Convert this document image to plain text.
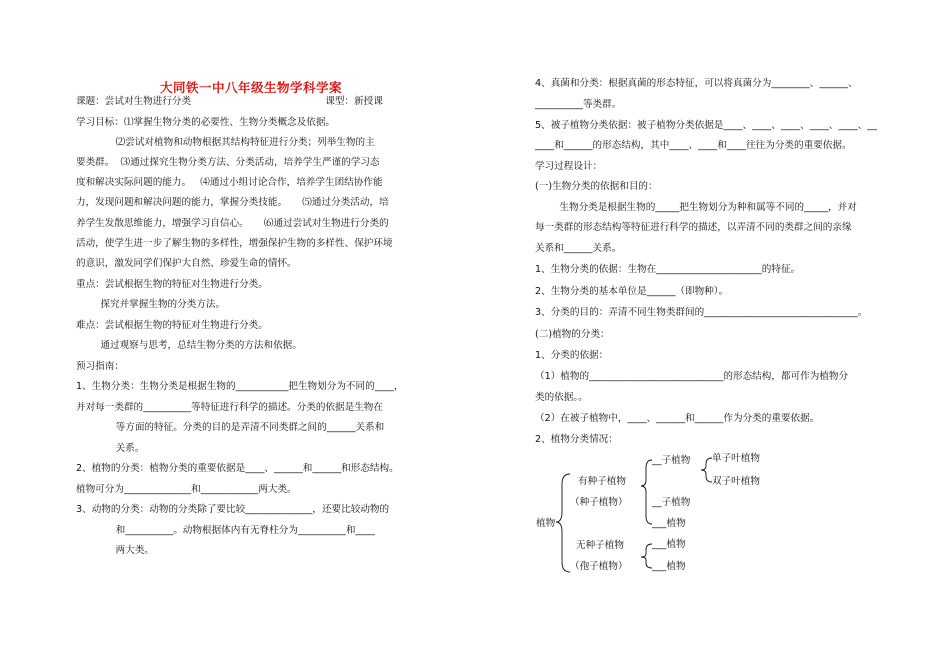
大同铁一中八年级生物学科学案
课题：尝试对生物进行分类                                            课型：新授课
学习目标：⑴掌握生物分类的必要性、生物分类概念及依据。
⑵尝试对植物和动物根据其结构特征进行分类；列举生物的主
要类群。  ⑶通过探究生物分类方法、分类活动，培养学生严谨的学习态
度和解决实际问题的能力。   ⑷通过小组讨论合作，培养学生团结协作能
力，发现问题和解决问题的能力，掌握分类技能。     ⑸通过分类活动，培
养学生发散思维能力，增强学习自信心。     ⑹通过尝试对生物进行分类的
活动，使学生进一步了解生物的多样性，增强保护生物的多样性、保护环境
的意识，激发同学们保护大自然、珍爱生命的情怀。
重点：尝试根据生物的特征对生物进行分类。
探究并掌握生物的分类方法。
难点：尝试根据生物的特征对生物进行分类。
通过观察与思考，总结生物分类的方法和依据。
预习指南：
1、生物分类：生物分类是根据生物的___________把生物划分为不同的____，
并对每一类群的__________等特征进行科学的描述。分类的依据是生物在
等方面的特征。分类的目的是弄清不同类群之间的______关系和
关系。
2、植物的分类：植物分类的重要依据是____、______和______和形态结构。
植物可分为______________和____________两大类。
3、动物的分类：动物的分类除了要比较______________，还要比较动物的
和__________。动物根据体内有无脊柱分为__________和____
两大类。
4、真菌和分类：根据真菌的形态特征，可以将真菌分为________、______、
__________等类群。
5、被子植物分类依据：被子植物分类依据是____、____、____、____、____、__
____和______的形态结构，其中____、____和____往往为分类的重要依据。
学习过程设计：
(一)生物分类的依据和目的：
生物分类是根据生物的_____把生物划分为种和属等不同的_____，并对
每一类群的形态结构等特征进行科学的描述，以弄清不同的类群之间的亲缘
关系和______关系。
1、生物分类的依据：生物在______________________的特征。
2、生物分类的基本单位是______（即物种）。
3、分类的目的：弄清不同生物类群间的________________________________。
(二)植物的分类：
1、分类的依据：
（1）植物的____________________________的形态结构，都可作为植物分
类的依据。。
（2）在被子植物中，____、______和______作为分类的重要依据。
2、植物分类情况：
植物
有种子植物
（种子植物）
无种子植物
（孢子植物）
__子植物
__子植物
___植物
单子叶植物
双子叶植物
___植物
___植物
